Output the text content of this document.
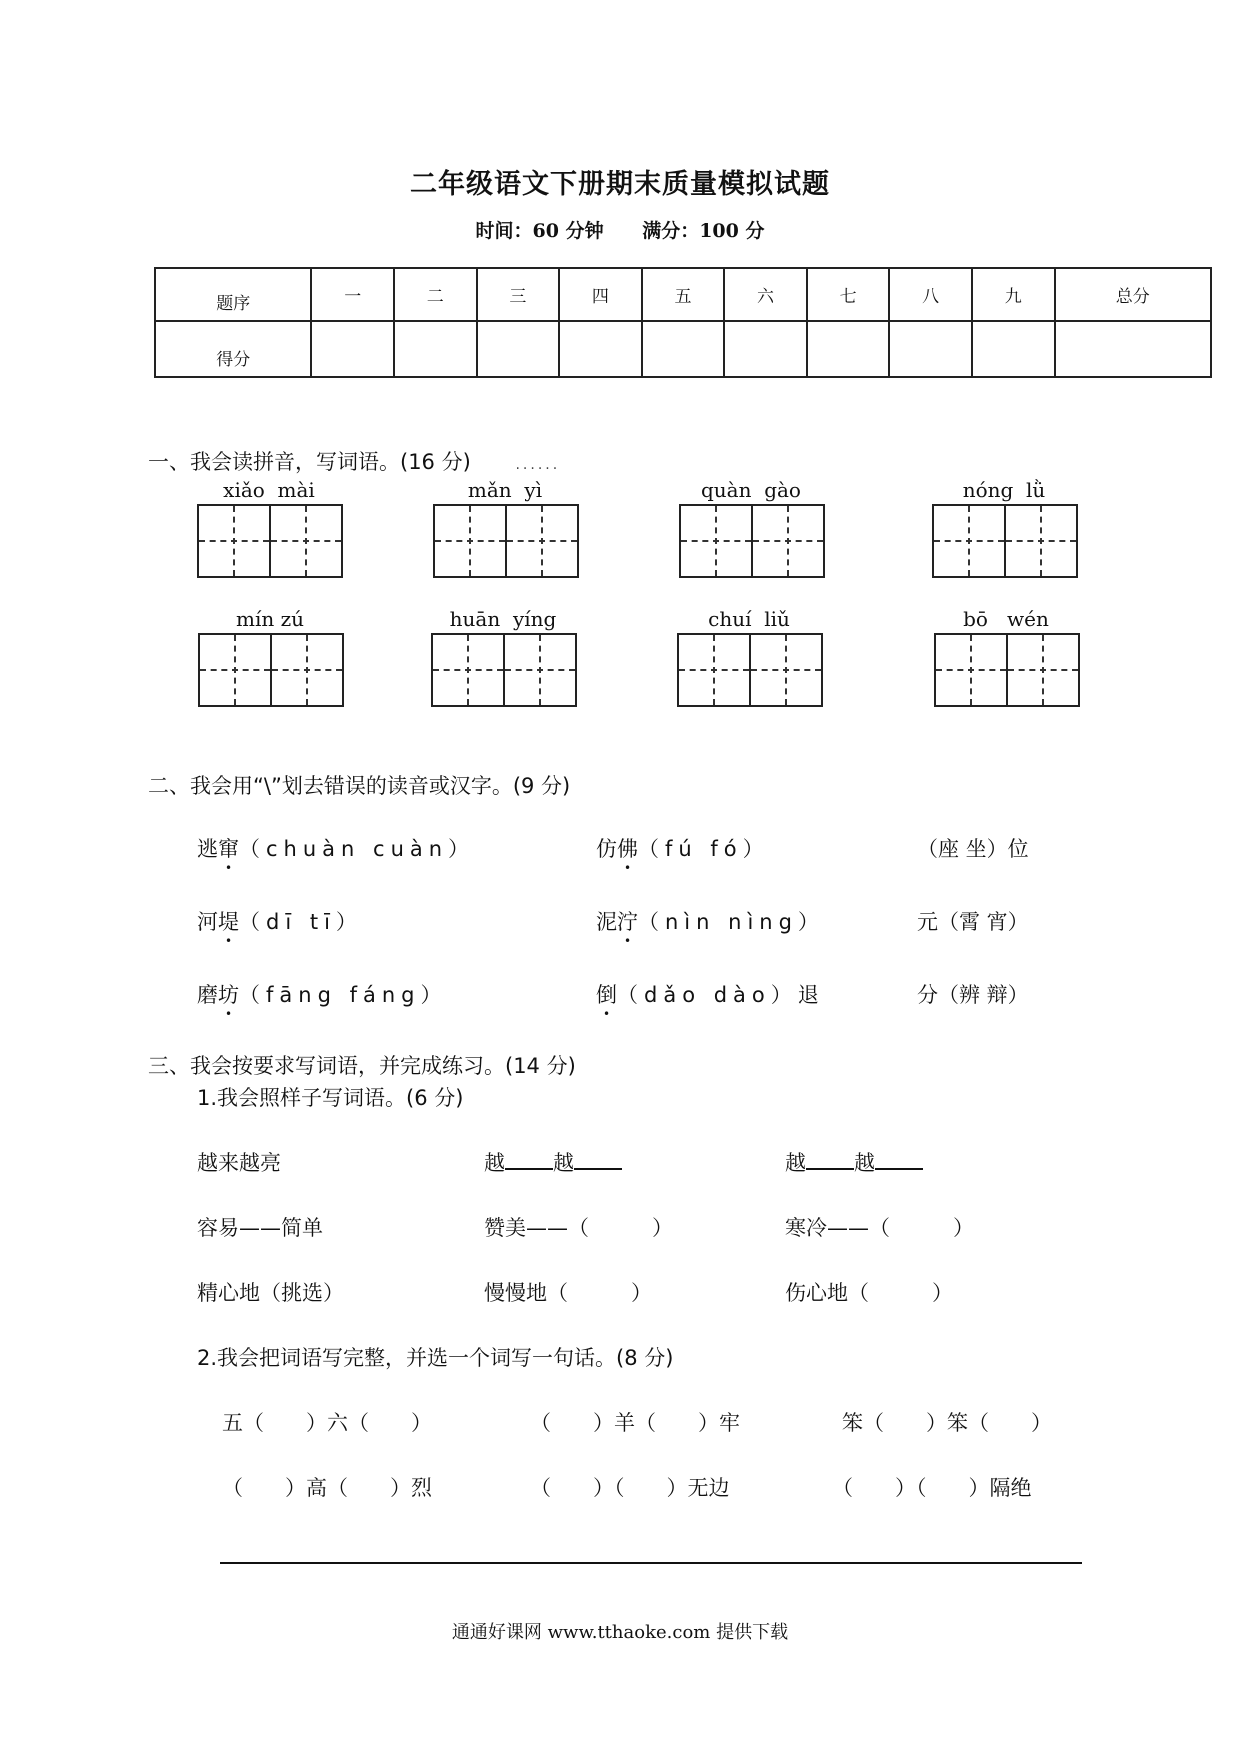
二年级语文下册期末质量模拟试题
时间：60 分钟 满分：100 分
题序	一	二	三	四	五	六	七	八	九	总分
得分										
一、我会读拼音，写词语。(16 分)	......
xiǎo  mài	mǎn  yì	quàn  gào	nóng  lǜ
mín zú	huān  yíng	chuí  liǔ	bō   wén
二、我会用“\”划去错误的读音或汉字。(9 分)
逃窜（chuàn cuàn）	仿佛（fú fó）	（座 坐）位
河堤（dī tī）	泥泞（nìn nìng）	元（霄 宵）
磨坊（fāng fáng）	倒（dǎo dào）退	分（辨 辩）
三、我会按要求写词语，并完成练习。(14 分)
1.我会照样子写词语。(6 分)
越来越亮	越 越	越 越
容易——简单	赞美——（　　　）	寒冷——（　　　）
精心地（挑选）	慢慢地（　　　）	伤心地（　　　）
2.我会把词语写完整，并选一个词写一句话。(8 分)
五（　　）六（　　）	（　　）羊（　　）牢	笨（　　）笨（　　）
（　　）高（　　）烈	（　　）（　　）无边	（　　）（　　）隔绝
通通好课网 www.tthaoke.com 提供下载
